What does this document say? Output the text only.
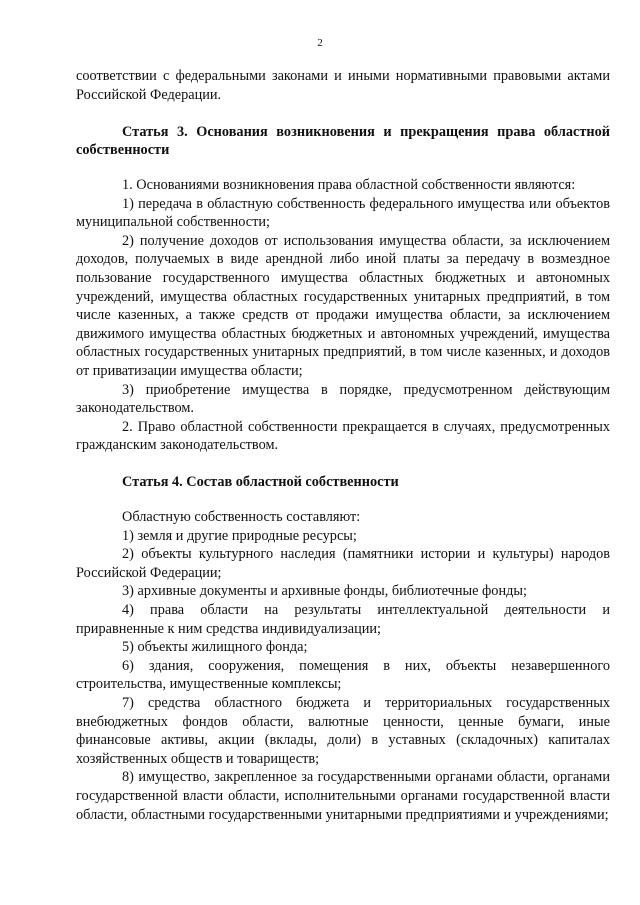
2

соответствии с федеральными законами и иными нормативными правовыми актами Российской Федерации.

Статья 3. Основания возникновения и прекращения права областной собственности

1. Основаниями возникновения права областной собственности являются:

1) передача в областную собственность федерального имущества или объектов муниципальной собственности;

2) получение доходов от использования имущества области, за исключением доходов, получаемых в виде арендной либо иной платы за передачу в возмездное пользование государственного имущества областных бюджетных и автономных учреждений, имущества областных государственных унитарных предприятий, в том числе казенных, а также средств от продажи имущества области, за исключением движимого имущества областных бюджетных и автономных учреждений, имущества областных государственных унитарных предприятий, в том числе казенных, и доходов от приватизации имущества области;

3) приобретение имущества в порядке, предусмотренном действующим законодательством.

2. Право областной собственности прекращается в случаях, предусмотренных гражданским законодательством.

Статья 4. Состав областной собственности

Областную собственность составляют:

1) земля и другие природные ресурсы;

2) объекты культурного наследия (памятники истории и культуры) народов Российской Федерации;

3) архивные документы и архивные фонды, библиотечные фонды;

4) права области на результаты интеллектуальной деятельности и приравненные к ним средства индивидуализации;

5) объекты жилищного фонда;

6) здания, сооружения, помещения в них, объекты незавершенного строительства, имущественные комплексы;

7) средства областного бюджета и территориальных государственных внебюджетных фондов области, валютные ценности, ценные бумаги, иные финансовые активы, акции (вклады, доли) в уставных (складочных) капиталах хозяйственных обществ и товариществ;

8) имущество, закрепленное за государственными органами области, органами государственной власти области, исполнительными органами государственной власти области, областными государственными унитарными предприятиями и учреждениями;
